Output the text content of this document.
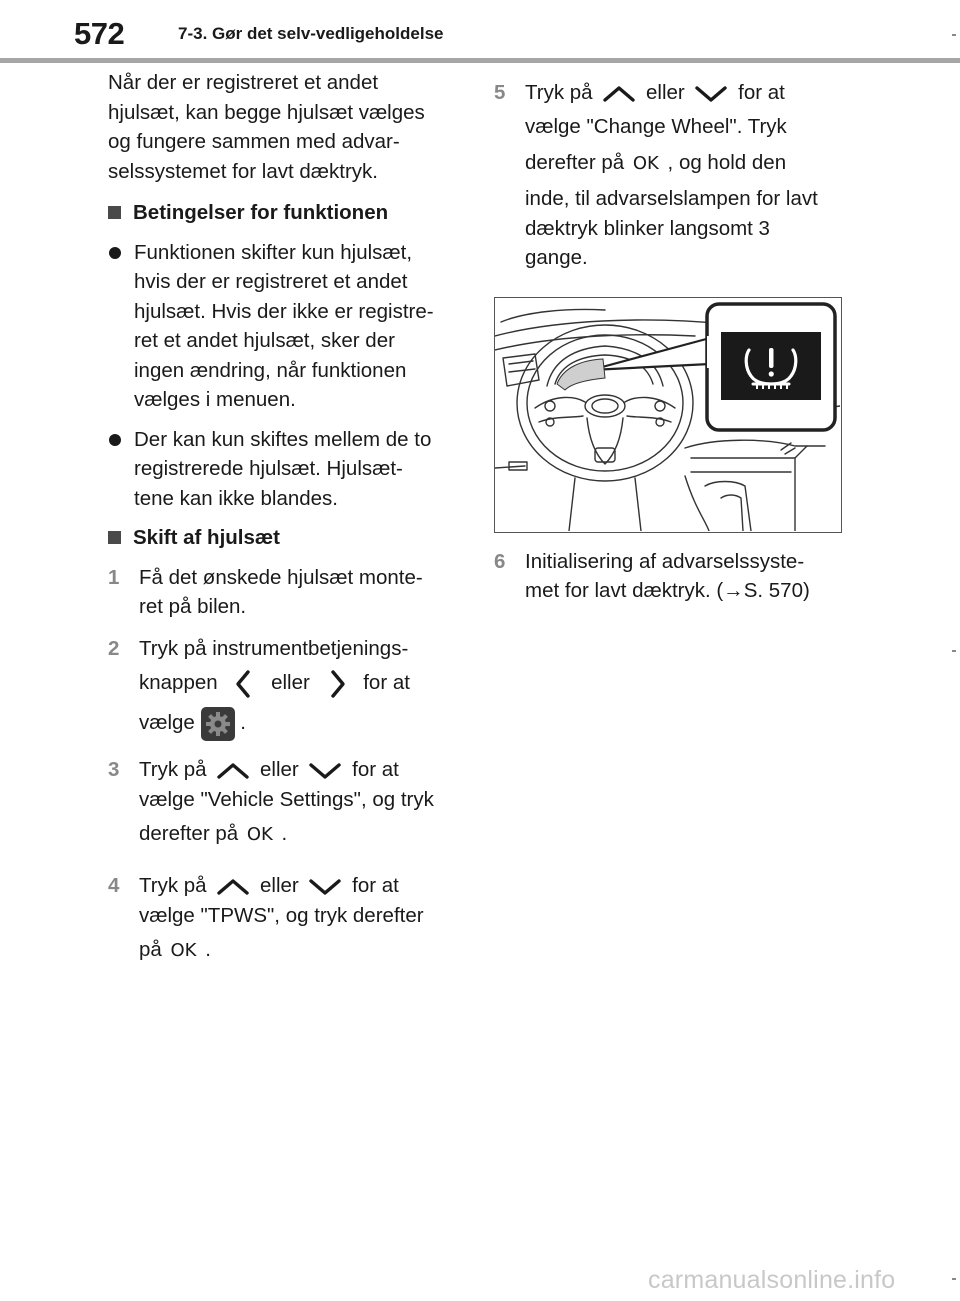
572	7-3. Gør det selv-vedligeholdelse

Når der er registreret et andet
hjulsæt, kan begge hjulsæt vælges
og fungere sammen med advar-
selssystemet for lavt dæktryk.

Betingelser for funktionen
Funktionen skifter kun hjulsæt,
hvis der er registreret et andet
hjulsæt. Hvis der ikke er registre-
ret et andet hjulsæt, sker der
ingen ændring, når funktionen
vælges i menuen.
Der kan kun skiftes mellem de to
registrerede hjulsæt. Hjulsæt-
tene kan ikke blandes.
Skift af hjulsæt
1 Få det ønskede hjulsæt monte-
ret på bilen.
2 Tryk på instrumentbetjenings-
knappen	eller	for at
vælge .
3 Tryk på	eller	for at
vælge "Vehicle Settings", og tryk
derefter på OK .
4 Tryk på	eller	for at
vælge "TPWS", og tryk derefter
på OK .
5 Tryk på	eller	for at
vælge "Change Wheel". Tryk
derefter på OK , og hold den
inde, til advarselslampen for lavt
dæktryk blinker langsomt 3
gange.
6 Initialisering af advarselssyste-
met for lavt dæktryk. (→S. 570)
carmanualsonline.info
